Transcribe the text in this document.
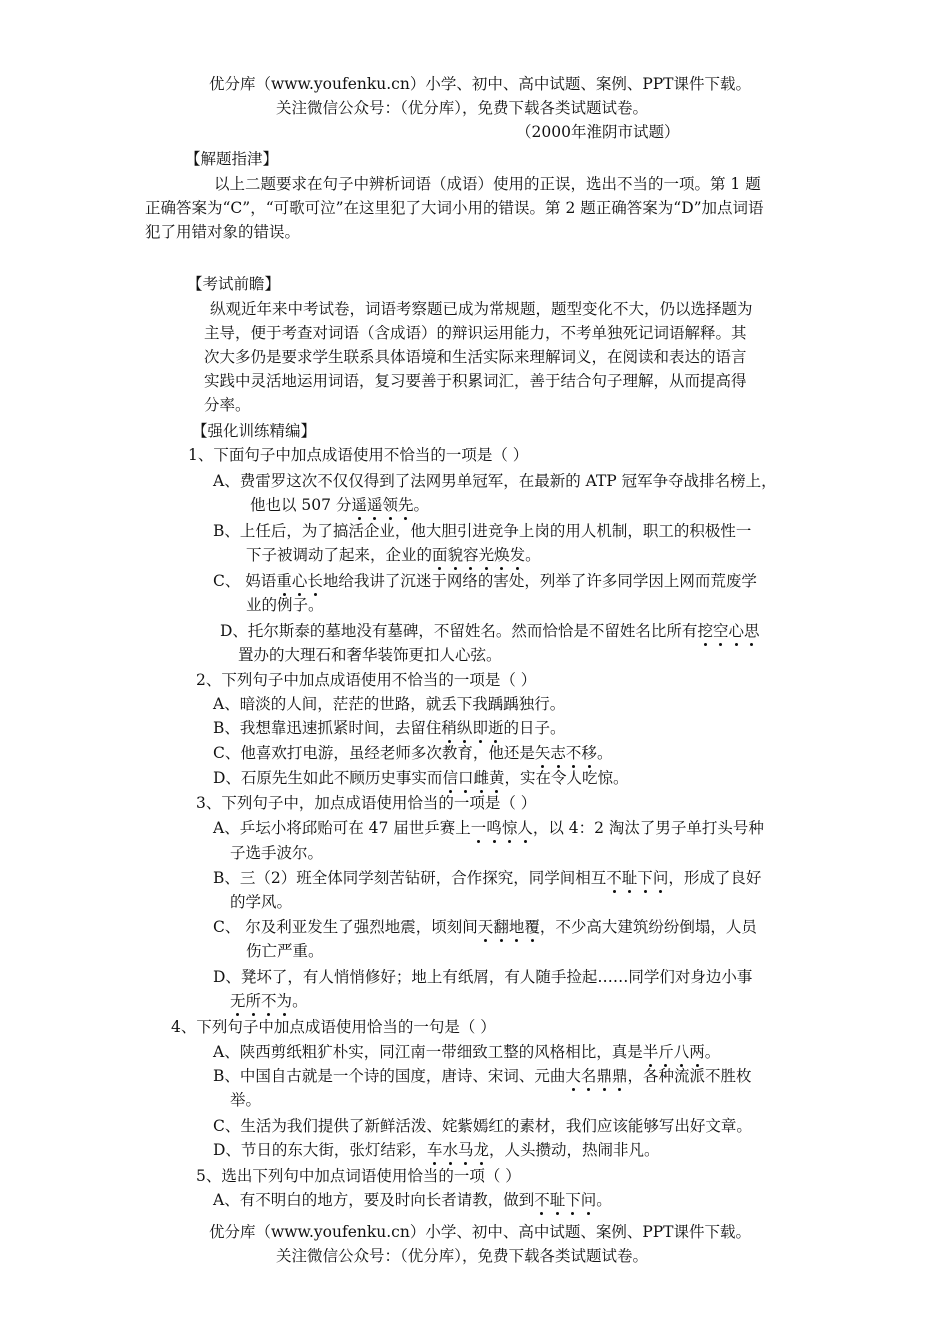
优分库（www.youfenku.cn）小学、初中、高中试题、案例、PPT课件下载。
关注微信公众号：（优分库），免费下载各类试题试卷。
（2000年淮阴市试题）
【解题指津】
以上二题要求在句子中辨析词语（成语）使用的正误，选出不当的一项。第 1 题
正确答案为“C”，“可歌可泣”在这里犯了大词小用的错误。第 2 题正确答案为“D”加点词语
犯了用错对象的错误。
【考试前瞻】
纵观近年来中考试卷，词语考察题已成为常规题，题型变化不大，仍以选择题为
主导，便于考查对词语（含成语）的辩识运用能力，不考单独死记词语解释。其
次大多仍是要求学生联系具体语境和生活实际来理解词义，在阅读和表达的语言
实践中灵活地运用词语，复习要善于积累词汇，善于结合句子理解，从而提高得
分率。
【强化训练精编】
1、下面句子中加点成语使用不恰当的一项是（ ）
A、费雷罗这次不仅仅得到了法网男单冠军，在最新的 ATP 冠军争夺战排名榜上，
他也以 507 分遥
遥
领
先
。
B、上任后，为了搞活企业，他大胆引进竞争上岗的用人机制，职工的积极性一
下子被调动了起来，企业的面
貌
容
光
焕
发
。
C、 妈语重
心
长
地给我讲了沉迷于网络的害处，列举了许多同学因上网而荒废学
业的例子。
D、托尔斯泰的墓地没有墓碑，不留姓名。然而恰恰是不留姓名比所有挖
空
心
思
置办的大理石和奢华装饰更扣人心弦。
2、下列句子中加点成语使用不恰当的一项是（ ）
A、暗淡的人间，茫茫的世路，就丢下我踽踽独行。
B、我想靠迅速抓紧时间，去留住稍
纵
即
逝
的日子。
C、他喜欢打电游，虽经老师多次教育，他还是矢
志
不
移
。
D、石原先生如此不顾历史事实而信
口
雌
黄
，实在令人吃惊。
3、下列句子中，加点成语使用恰当的一项是（ ）
A、乒坛小将邱贻可在 47 届世乒赛上一
鸣
惊
人
，以 4：2 淘汰了男子单打头号种
子选手波尔。
B、三（2）班全体同学刻苦钻研，合作探究，同学间相互不
耻
下
问
，形成了良好
的学风。
C、 尔及利亚发生了强烈地震，顷刻间天
翻
地
覆
，不少高大建筑纷纷倒塌，人员
伤亡严重。
D、凳坏了，有人悄悄修好；地上有纸屑，有人随手捡起……同学们对身边小事
无
所
不
为
。
4、下列句子中加点成语使用恰当的一句是（ ）
A、陕西剪纸粗犷朴实，同江南一带细致工整的风格相比，真是半
斤
八
两
。
B、中国自古就是一个诗的国度，唐诗、宋词、元曲大
名
鼎
鼎
，各种流派不胜枚
举。
C、生活为我们提供了新鲜活泼、姹紫嫣红的素材，我们应该能够写出好文章。
D、节日的东大街，张灯结彩，车
水
马
龙
，人头攒动，热闹非凡。
5、选出下列句中加点词语使用恰当的一项（ ）
A、有不明白的地方，要及时向长者请教，做到不
耻
下
问
。
优分库（www.youfenku.cn）小学、初中、高中试题、案例、PPT课件下载。
关注微信公众号：（优分库），免费下载各类试题试卷。
